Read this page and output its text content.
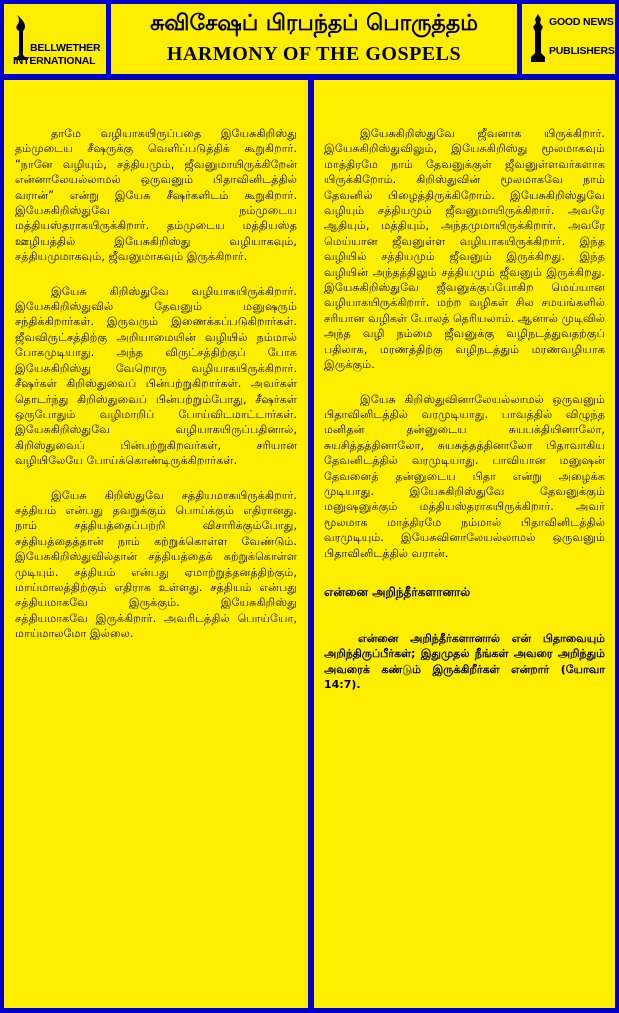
BELLWETHER
INTERNATIONAL
சுவிசேஷப் பிரபந்தப் பொருத்தம்
HARMONY OF THE GOSPELS
GOOD NEWS
PUBLISHERS

தாமே வழியாகயிருப்பதை இயேசுகிறிஸ்து தம்முடைய சீஷருக்கு வெளிப்படுத்திக் கூறுகிறார். “நானே வழியும், சத்தியமும், ஜீவனுமாயிருக்கிறேன் என்னாலேயல்லாமல் ஒருவனும் பிதாவினிடத்தில் வரான்” என்று இயேசு சீஷர்களிடம் கூறுகிறார். இயேசுகிறிஸ்துவே நம்முடைய மத்தியஸ்தராகயிருக்கிறார். தம்முடைய மத்தியஸ்த ஊழியத்தில் இயேசுகிறிஸ்து வழியாகவும், சத்தியமுமாகவும், ஜீவனுமாகவும் இருக்கிறார்.

இயேசு கிறிஸ்துவே வழியாகயிருக்கிறார். இயேசுகிறிஸ்துவில் தேவனும் மனுஷரும் சந்திக்கிறார்கள். இருவரும் இணைக்கப்படுகிறார்கள். ஜீவவிருட்சத்திற்கு அறியாமையின் வழியில் நம்மால் போகமுடியாது. அந்த விருட்சத்திற்குப் போக இயேசுகிறிஸ்து வேறொரு வழியாகயிருக்கிறார். சீஷர்கள் கிறிஸ்துவைப் பின்பற்றுகிறார்கள். அவர்கள் தொடர்ந்து கிறிஸ்துவைப் பின்பற்றும்போது, சீஷர்கள் ஒருபோதும் வழிமாறிப் போய்விடமாட்டார்கள். இயேசுகிறிஸ்துவே வழியாகயிருப்பதினால், கிறிஸ்துவைப் பின்பற்றுகிறவர்கள், சரியான வழியிலேயே போய்க்கொண்டிருக்கிறார்கள்.

இயேசு கிறிஸ்துவே சத்தியமாகயிருக்கிறார். சத்தியம் என்பது தவறுக்கும் பொய்க்கும் எதிரானது. நாம் சத்தியத்தைப்பற்றி விசாரிக்கும்போது, சத்தியத்தைத்தான் நாம் கற்றுக்கொள்ள வேண்டும். இயேசுகிறிஸ்துவில்தான் சத்தியத்தைக் கற்றுக்கொள்ள முடியும். சத்தியம் என்பது ஏமாற்றுத்தனத்திற்கும், மாய்மாலத்திற்கும் எதிராக உள்ளது. சத்தியம் என்பது சத்தியமாகவே இருக்கும். இயேசுகிறிஸ்து சத்தியமாகவே இருக்கிறார். அவரிடத்தில் பொய்யோ, மாய்மாலமோ இல்லை.

இயேசுகிறிஸ்துவே ஜீவனாக யிருக்கிறார். இயேசுகிறிஸ்துவிலும், இயேசுகிறிஸ்து மூலமாகவும் மாத்திரமே நாம் தேவனுக்குள் ஜீவனுள்ளவர்களாக யிருக்கிறோம். கிறிஸ்துவின் மூலமாகவே நாம் தேவனில் பிழைத்திருக்கிறோம். இயேசுகிறிஸ்துவே வழியும் சத்தியமும் ஜீவனுமாயிருக்கிறார். அவரே ஆதியும், மத்தியும், அந்தமுமாயிருக்கிறார். அவரே மெய்யான ஜீவனுள்ள வழியாகயிருக்கிறார். இந்த வழியில் சத்தியமும் ஜீவனும் இருக்கிறது. இந்த வழியின் அந்தத்திலும் சத்தியமும் ஜீவனும் இருக்கிறது. இயேசுகிறிஸ்துவே ஜீவனுக்குப்போகிற மெய்யான வழியாகயிருக்கிறார். மற்ற வழிகள் சில சமயங்களில் சரியான வழிகள் போலத் தெரியலாம். ஆனால் முடிவில் அந்த வழி நம்மை ஜீவனுக்கு வழிநடத்துவதற்குப் பதிலாக, மரணத்திற்கு வழிநடத்தும் மரணவழியாக இருக்கும்.

இயேசு கிறிஸ்துவினாலேயல்லாமல் ஒருவனும் பிதாவினிடத்தில் வரமுடியாது. பாவத்தில் விழுந்த மனிதன் தன்னுடைய சுயபக்தியினாலோ, சுயசித்தத்தினாலோ, சுயசுத்தத்தினாலோ பிதாவாகிய தேவனிடத்தில் வரமுடியாது. பாவியான மனுஷன் தேவனைத் தன்னுடைய பிதா என்று அழைக்க முடியாது. இயேசுகிறிஸ்துவே தேவனுக்கும் மனுஷனுக்கும் மத்தியஸ்தராகயிருக்கிறார். அவர் மூலமாக மாத்திரமே நம்மால் பிதாவினிடத்தில் வரமுடியும். இயேசுவினாலேயல்லாமல் ஒருவனும் பிதாவினிடத்தில் வரான்.

என்னை அறிந்தீர்களானால்

என்னை அறிந்தீர்களானால் என் பிதாவையும் அறிந்திருப்பீர்கள்; இதுமுதல் நீங்கள் அவரை அறிந்தும் அவரைக் கண்டும் இருக்கிறீர்கள் என்றார் (யோவா 14:7).
